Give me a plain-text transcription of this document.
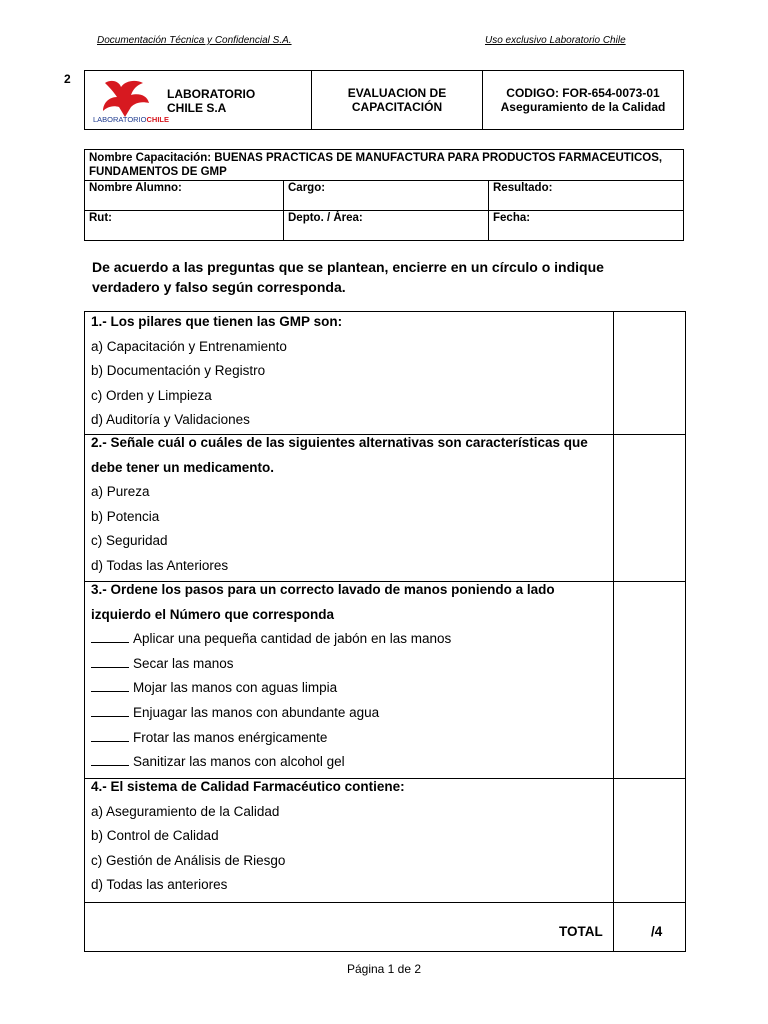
Documentación Técnica y Confidencial S.A.	Uso exclusivo Laboratorio Chile
2
LABORATORIOCHILE
LABORATORIO
CHILE S.A
EVALUACION DE CAPACITACIÓN
CODIGO: FOR-654-0073-01
Aseguramiento de la Calidad
Nombre Capacitación: BUENAS PRACTICAS DE MANUFACTURA PARA PRODUCTOS FARMACEUTICOS, FUNDAMENTOS DE GMP		
Nombre Alumno:	Cargo:	Resultado:
Rut:	Depto. / Área:	Fecha:
De acuerdo a las preguntas que se plantean, encierre en un círculo o indique verdadero y falso según corresponda.
1.- Los pilares que tienen las GMP son:
a) Capacitación y Entrenamiento
b) Documentación y Registro
c) Orden y Limpieza
d) Auditoría y Validaciones
2.- Señale cuál o cuáles de las siguientes alternativas son características que debe tener un medicamento.
a) Pureza
b) Potencia
c) Seguridad
d) Todas las Anteriores
3.- Ordene los pasos para un correcto lavado de manos poniendo a lado izquierdo el Número que corresponda
Aplicar una pequeña cantidad de jabón en las manos
Secar las manos
Mojar las manos con aguas limpia
Enjuagar las manos con abundante agua
Frotar las manos enérgicamente
Sanitizar las manos con alcohol gel
4.- El sistema de Calidad Farmacéutico contiene:
a) Aseguramiento de la Calidad
b) Control de Calidad
c) Gestión de Análisis de Riesgo
d) Todas las anteriores
TOTAL	/4
Página 1 de 2
